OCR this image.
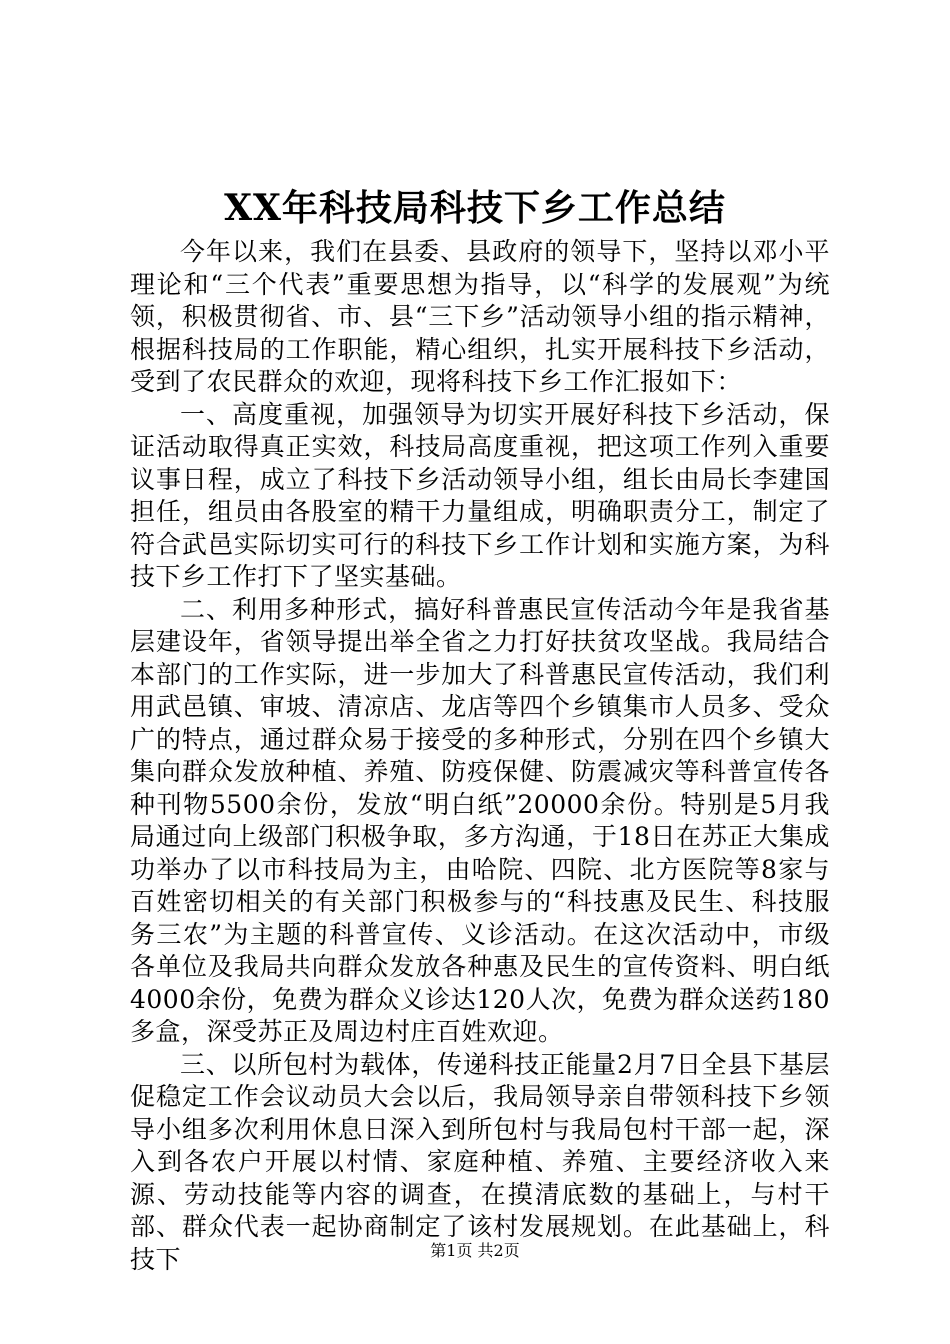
XX年科技局科技下乡工作总结

今年以来，我们在县委、县政府的领导下，坚持以邓小平理论和“三个代表”重要思想为指导，以“科学的发展观”为统领，积极贯彻省、市、县“三下乡”活动领导小组的指示精神，根据科技局的工作职能，精心组织，扎实开展科技下乡活动，受到了农民群众的欢迎，现将科技下乡工作汇报如下：

一、高度重视，加强领导为切实开展好科技下乡活动，保证活动取得真正实效，科技局高度重视，把这项工作列入重要议事日程，成立了科技下乡活动领导小组，组长由局长李建国担任，组员由各股室的精干力量组成，明确职责分工，制定了符合武邑实际切实可行的科技下乡工作计划和实施方案，为科技下乡工作打下了坚实基础。

二、利用多种形式，搞好科普惠民宣传活动今年是我省基层建设年，省领导提出举全省之力打好扶贫攻坚战。我局结合本部门的工作实际，进一步加大了科普惠民宣传活动，我们利用武邑镇、审坡、清凉店、龙店等四个乡镇集市人员多、受众广的特点，通过群众易于接受的多种形式，分别在四个乡镇大集向群众发放种植、养殖、防疫保健、防震减灾等科普宣传各种刊物5500余份，发放“明白纸”20000余份。特别是5月我局通过向上级部门积极争取，多方沟通，于18日在苏正大集成功举办了以市科技局为主，由哈院、四院、北方医院等8家与百姓密切相关的有关部门积极参与的“科技惠及民生、科技服务三农”为主题的科普宣传、义诊活动。在这次活动中，市级各单位及我局共向群众发放各种惠及民生的宣传资料、明白纸4000余份，免费为群众义诊达120人次，免费为群众送药180多盒，深受苏正及周边村庄百姓欢迎。

三、以所包村为载体，传递科技正能量2月7日全县下基层促稳定工作会议动员大会以后，我局领导亲自带领科技下乡领导小组多次利用休息日深入到所包村与我局包村干部一起，深入到各农户开展以村情、家庭种植、养殖、主要经济收入来源、劳动技能等内容的调查，在摸清底数的基础上，与村干部、群众代表一起协商制定了该村发展规划。在此基础上，科技下	第1页 共2页
